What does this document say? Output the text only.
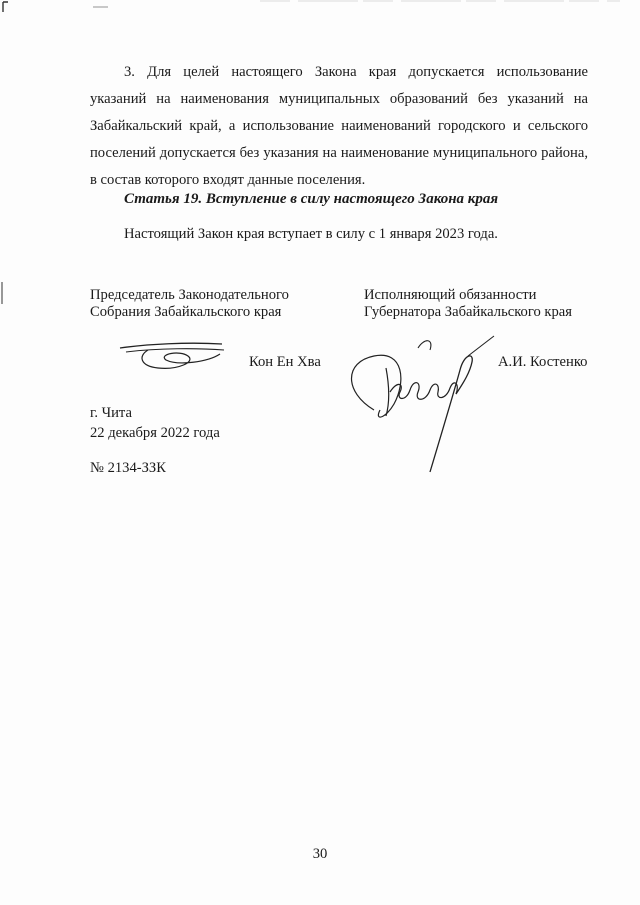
3. Для целей настоящего Закона края допускается использование указаний на наименования муниципальных образований без указаний на Забайкальский край, а использование наименований городского и сельского поселений допускается без указания на наименование муниципального района, в состав которого входят данные поселения.
Статья 19. Вступление в силу настоящего Закона края
Настоящий Закон края вступает в силу с 1 января 2023 года.
Председатель Законодательного
Собрания Забайкальского края
Исполняющий обязанности
Губернатора Забайкальского края
Кон Ен Хва	А.И. Костенко
г. Чита
22 декабря 2022 года
№ 2134-ЗЗК
30
